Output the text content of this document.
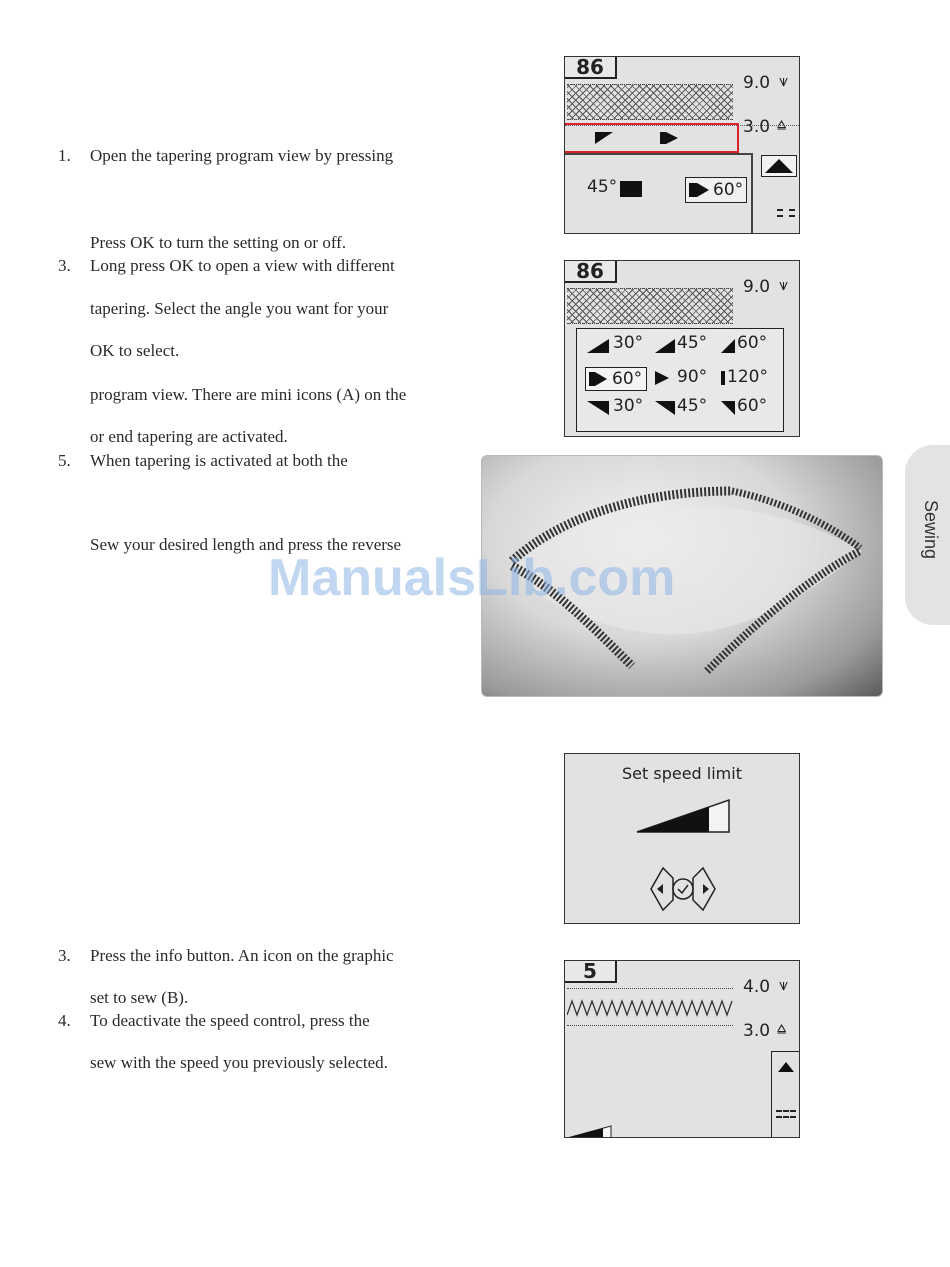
1. Open the tapering program view by pressing
Press OK to turn the setting on or off.
3. Long press OK to open a view with different
tapering. Select the angle you want for your
OK to select.
program view. There are mini icons (A) on the
or end tapering are activated.
5. When tapering is activated at both the
Sew your desired length and press the reverse
3. Press the info button. An icon on the graphic
set to sew (B).
4. To deactivate the speed control, press the
sew with the speed you previously selected.
86
9.0 ⩛
3.0 ⩠
45°	60°
86
9.0 ⩛
30° 45° 60°
60° 90° 120°
30° 45° 60°
Set speed limit
5
4.0 ⩛
3.0 ⩠
Sewing
ManualsLib.com
